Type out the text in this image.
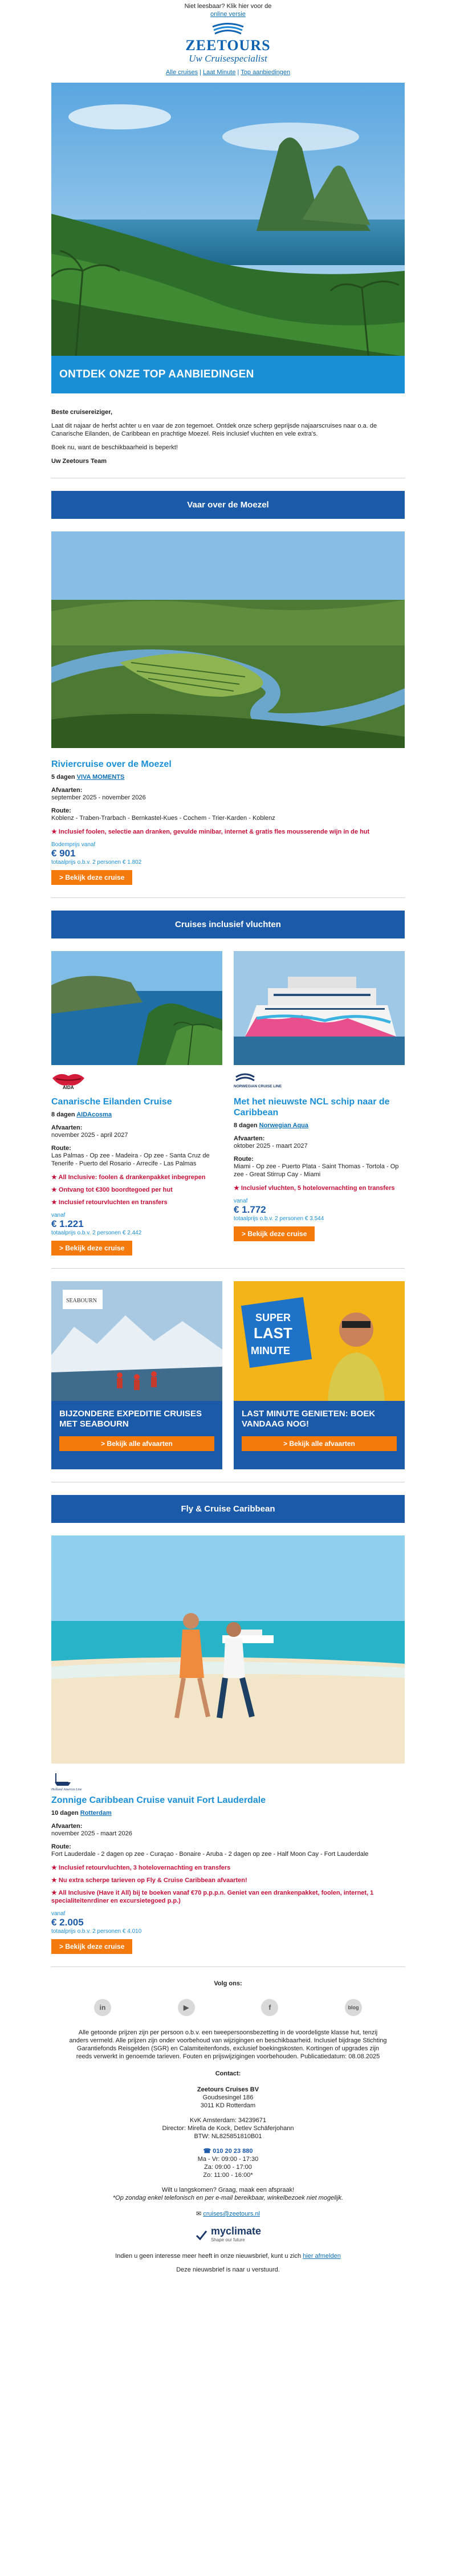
Niet leesbaar? Klik hier voor de
online versie
ZEETOURS
Uw Cruisespecialist
Alle cruises | Laat Minute | Top aanbiedingen
ONTDEK ONZE TOP AANBIEDINGEN

Beste cruisereiziger,

Laat dit najaar de herfst achter u en vaar de zon tegemoet. Ontdek onze scherp geprijsde najaarscruises naar o.a. de Canarische Eilanden, de Caribbean en prachtige Moezel. Reis inclusief vluchten en vele extra's.

Boek nu, want de beschikbaarheid is beperkt!

Uw Zeetours Team

Vaar over de Moezel
Riviercruise over de Moezel
5 dagen VIVA MOMENTS
Afvaarten:
september 2025 - november 2026
Route:
Koblenz - Traben-Trarbach - Bernkastel-Kues - Cochem - Trier-Karden - Koblenz
★ Inclusief foolen, selectie aan dranken, gevulde minibar, internet & gratis fles mousserende wijn in de hut
Bodemprijs vanaf
€ 901
totaalprijs o.b.v. 2 personen € 1.802
> Bekijk deze cruise
Cruises inclusief vluchten
AIDA
Canarische Eilanden Cruise
8 dagen AIDAcosma
Afvaarten:
november 2025 - april 2027
Route:
Las Palmas - Op zee - Madeira - Op zee - Santa Cruz de Tenerife - Puerto del Rosario - Arrecife - Las Palmas
★ All Inclusive: foolen & drankenpakket inbegrepen
★ Ontvang tot €300 boordtegoed per hut
★ Inclusief retourvluchten en transfers
vanaf
€ 1.221
totaalprijs o.b.v. 2 personen € 2.442
> Bekijk deze cruise
NORWEGIAN CRUISE LINE
Met het nieuwste NCL schip naar de Caribbean
8 dagen Norwegian Aqua
Afvaarten:
oktober 2025 - maart 2027
Route:
Miami - Op zee - Puerto Plata - Saint Thomas - Tortola - Op zee - Great Stirrup Cay - Miami
★ Inclusief vluchten, 5 hotelovernachting en transfers
vanaf
€ 1.772
totaalprijs o.b.v. 2 personen € 3.544
> Bekijk deze cruise
SEABOURN
BIJZONDERE EXPEDITIE CRUISES MET SEABOURN
> Bekijk alle afvaarten
SUPER
LAST
MINUTE
LAST MINUTE GENIETEN: BOEK VANDAAG NOG!
> Bekijk alle afvaarten
Fly & Cruise Caribbean
Holland America Line
Zonnige Caribbean Cruise vanuit Fort Lauderdale
10 dagen Rotterdam
Afvaarten:
november 2025 - maart 2026
Route:
Fort Lauderdale - 2 dagen op zee - Curaçao - Bonaire - Aruba - 2 dagen op zee - Half Moon Cay - Fort Lauderdale
★ Inclusief retourvluchten, 3 hotelovernachting en transfers
★ Nu extra scherpe tarieven op Fly & Cruise Caribbean afvaarten!
★ All Inclusive (Have it All) bij te boeken vanaf €70 p.p.p.n. Geniet van een drankenpakket, foolen, internet, 1 specialiteitenrdiner en excursietegoed p.p.)
vanaf
€ 2.005
totaalprijs o.b.v. 2 personen € 4.010
> Bekijk deze cruise
Volg ons:
in	▶	f	blog
Alle getoonde prijzen zijn per persoon o.b.v. een tweepersoonsbezetting in de voordeligste klasse hut, tenzij anders vermeld. Alle prijzen zijn onder voorbehoud van wijzigingen en beschikbaarheid. Inclusief bijdrage Stichting Garantiefonds Reisgelden (SGR) en Calamiteitenfonds, exclusief boekingskosten. Kortingen of upgrades zijn reeds verwerkt in genoemde tarieven. Fouten en prijswijzigingen voorbehouden. Publicatiedatum: 08.08.2025
Contact:
Zeetours Cruises BV
Goudsesingel 186
3011 KD Rotterdam
KvK Amsterdam: 34239671
Director: Mirella de Kock, Detlev Schäferjohann
BTW: NL825851810B01
☎ 010 20 23 880
Ma - Vr: 09:00 - 17:30
Za: 09:00 - 17:00
Zo: 11:00 - 16:00*
Wilt u langskomen? Graag, maak een afspraak!
*Op zondag enkel telefonisch en per e-mail bereikbaar, winkelbezoek niet mogelijk.
✉ cruises@zeetours.nl
myclimate
Shape our future
Indien u geen interesse meer heeft in onze nieuwsbrief, kunt u zich hier afmelden
Deze nieuwsbrief is naar u verstuurd.
